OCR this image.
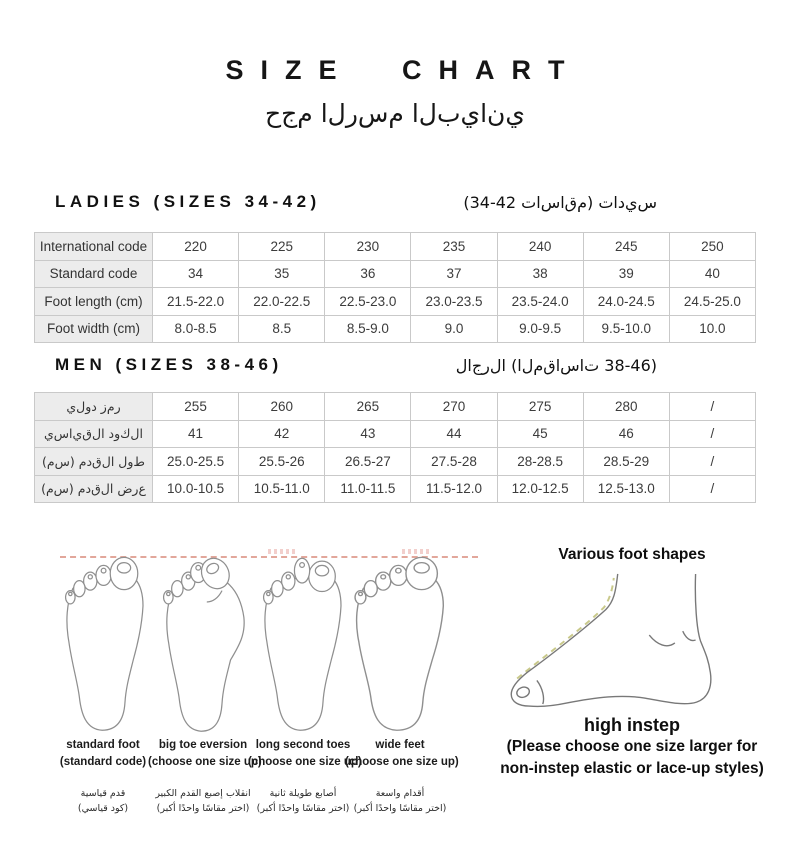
SIZE CHART
ح‌ج‌م ا‌ل‌ر‌س‌م ا‌ل‌ب‌ي‌ا‌ن‌ي
LADIES (SIZES 34-42)	(34-42 ت‌ا‌س‌ا‌ق‌م) ت‌ا‌د‌ي‌س
International code	220	225	230	235	240	245	250
Standard code	34	35	36	37	38	39	40
Foot length (cm)	21.5-22.0	22.0-22.5	22.5-23.0	23.0-23.5	23.5-24.0	24.0-24.5	24.5-25.0
Foot width (cm)	8.0-8.5	8.5	8.5-9.0	9.0	9.0-9.5	9.5-10.0	10.0
MEN (SIZES 38-46)	ل‌ا‌ج‌ر‌ل‌ا (ا‌ل‌م‌ق‌ا‌س‌ا‌ت 38-46)
ي‌ل‌و‌د ز‌م‌ر	255	260	265	270	275	280	/
ي‌س‌ا‌ي‌ق‌ل‌ا د‌و‌ك‌ل‌ا	41	42	43	44	45	46	/
(م‌س) م‌د‌ق‌ل‌ا ل‌و‌ط	25.0-25.5	25.5-26	26.5-27	27.5-28	28-28.5	28.5-29	/
(م‌س) م‌د‌ق‌ل‌ا ض‌ر‌ع	10.0-10.5	10.5-11.0	11.0-11.5	11.5-12.0	12.0-12.5	12.5-13.0	/
standard foot
(standard code)
قدم قياسية
(كود قياسي)
big toe eversion
(choose one size up)
انقلاب إصبع القدم الكبير
(اختر مقاسًا واحدًا أكبر)
long second toes
(choose one size up)
أصابع طويلة ثانية
(اختر مقاسًا واحدًا أكبر)
wide feet
(choose one size up)
أقدام واسعة
(اختر مقاسًا واحدًا أكبر)
Various foot shapes
high instep
(Please choose one size larger for
non-instep elastic or lace-up styles)
